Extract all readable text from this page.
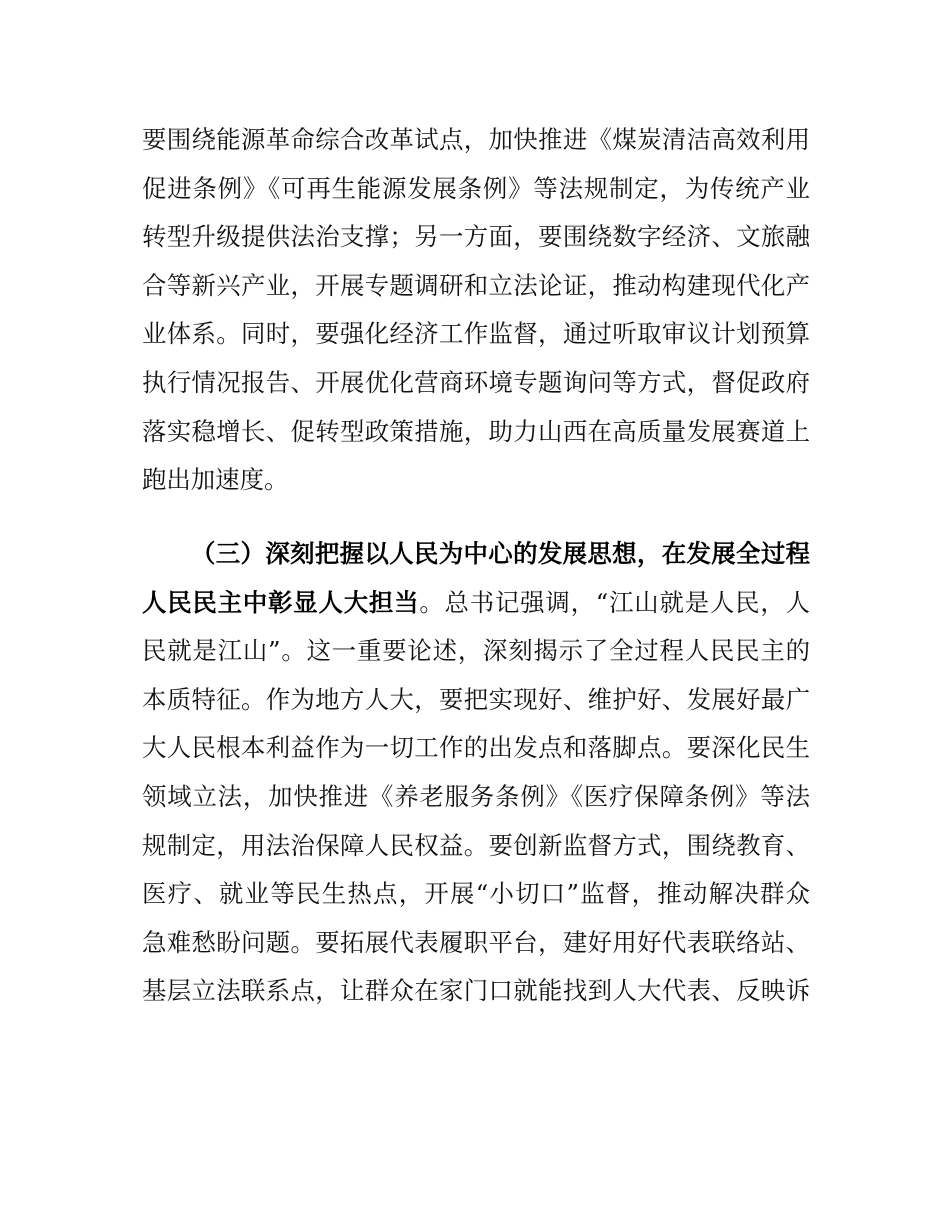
要围绕能源革命综合改革试点，加快推进《煤炭清洁高效利用
促进条例》《可再生能源发展条例》等法规制定，为传统产业
转型升级提供法治支撑；另一方面，要围绕数字经济、文旅融
合等新兴产业，开展专题调研和立法论证，推动构建现代化产
业体系。同时，要强化经济工作监督，通过听取审议计划预算
执行情况报告、开展优化营商环境专题询问等方式，督促政府
落实稳增长、促转型政策措施，助力山西在高质量发展赛道上
跑出加速度。
（三）深刻把握以人民为中心的发展思想，在发展全过程
人民民主中彰显人大担当。总书记强调，“江山就是人民，人
民就是江山”。这一重要论述，深刻揭示了全过程人民民主的
本质特征。作为地方人大，要把实现好、维护好、发展好最广
大人民根本利益作为一切工作的出发点和落脚点。要深化民生
领域立法，加快推进《养老服务条例》《医疗保障条例》等法
规制定，用法治保障人民权益。要创新监督方式，围绕教育、
医疗、就业等民生热点，开展“小切口”监督，推动解决群众
急难愁盼问题。要拓展代表履职平台，建好用好代表联络站、
基层立法联系点，让群众在家门口就能找到人大代表、反映诉
